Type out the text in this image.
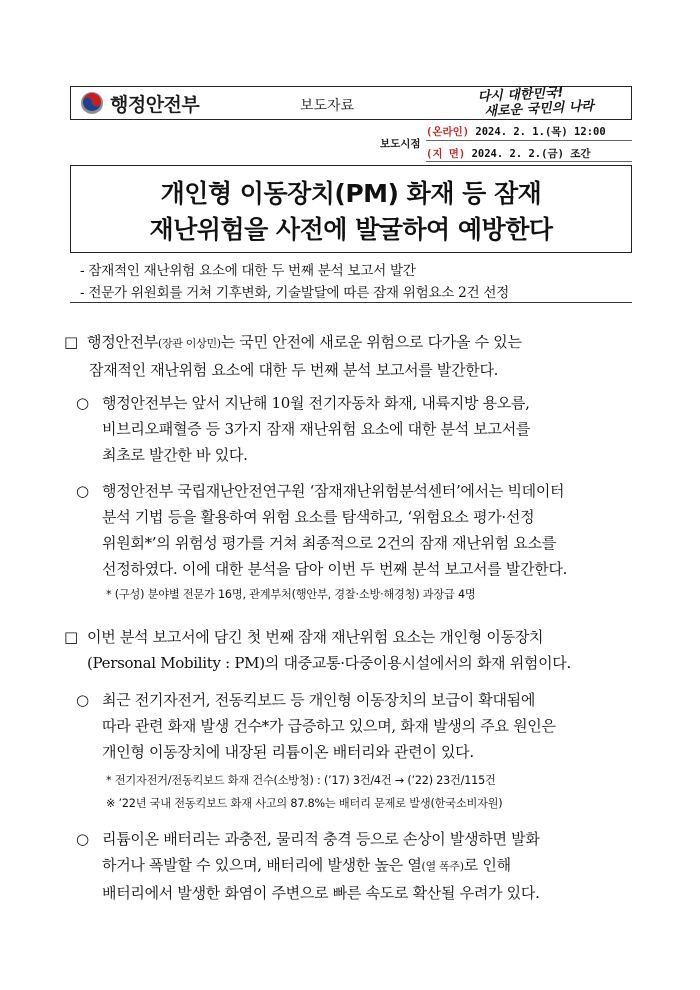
행정안전부	보도자료
다시 대한민국!
새로운 국민의 나라
보도시점
(온라인) 2024. 2. 1.(목) 12:00
(지 면) 2024. 2. 2.(금) 조간
개인형 이동장치(PM) 화재 등 잠재
재난위험을 사전에 발굴하여 예방한다
- 잠재적인 재난위험 요소에 대한 두 번째 분석 보고서 발간
- 전문가 위원회를 거쳐 기후변화, 기술발달에 따른 잠재 위험요소 2건 선정
□ 행정안전부(장관 이상민)는 국민 안전에 새로운 위험으로 다가올 수 있는
잠재적인 재난위험 요소에 대한 두 번째 분석 보고서를 발간한다.
○ 행정안전부는 앞서 지난해 10월 전기자동차 화재, 내륙지방 용오름,
비브리오패혈증 등 3가지 잠재 재난위험 요소에 대한 분석 보고서를
최초로 발간한 바 있다.
○ 행정안전부 국립재난안전연구원 ‘잠재재난위험분석센터’에서는 빅데이터
분석 기법 등을 활용하여 위험 요소를 탐색하고, ‘위험요소 평가·선정
위원회*’의 위험성 평가를 거쳐 최종적으로 2건의 잠재 재난위험 요소를
선정하였다. 이에 대한 분석을 담아 이번 두 번째 분석 보고서를 발간한다.
* (구성) 분야별 전문가 16명, 관계부처(행안부, 경찰·소방·해경청) 과장급 4명
□ 이번 분석 보고서에 담긴 첫 번째 잠재 재난위험 요소는 개인형 이동장치
(Personal Mobility : PM)의 대중교통·다중이용시설에서의 화재 위험이다.
○ 최근 전기자전거, 전동킥보드 등 개인형 이동장치의 보급이 확대됨에
따라 관련 화재 발생 건수*가 급증하고 있으며, 화재 발생의 주요 원인은
개인형 이동장치에 내장된 리튬이온 배터리와 관련이 있다.
* 전기자전거/전동킥보드 화재 건수(소방청) : (’17) 3건/4건 → (’22) 23건/115건
※ ’22년 국내 전동킥보드 화재 사고의 87.8%는 배터리 문제로 발생(한국소비자원)
○ 리튬이온 배터리는 과충전, 물리적 충격 등으로 손상이 발생하면 발화
하거나 폭발할 수 있으며, 배터리에 발생한 높은 열(열 폭주)로 인해
배터리에서 발생한 화염이 주변으로 빠른 속도로 확산될 우려가 있다.
